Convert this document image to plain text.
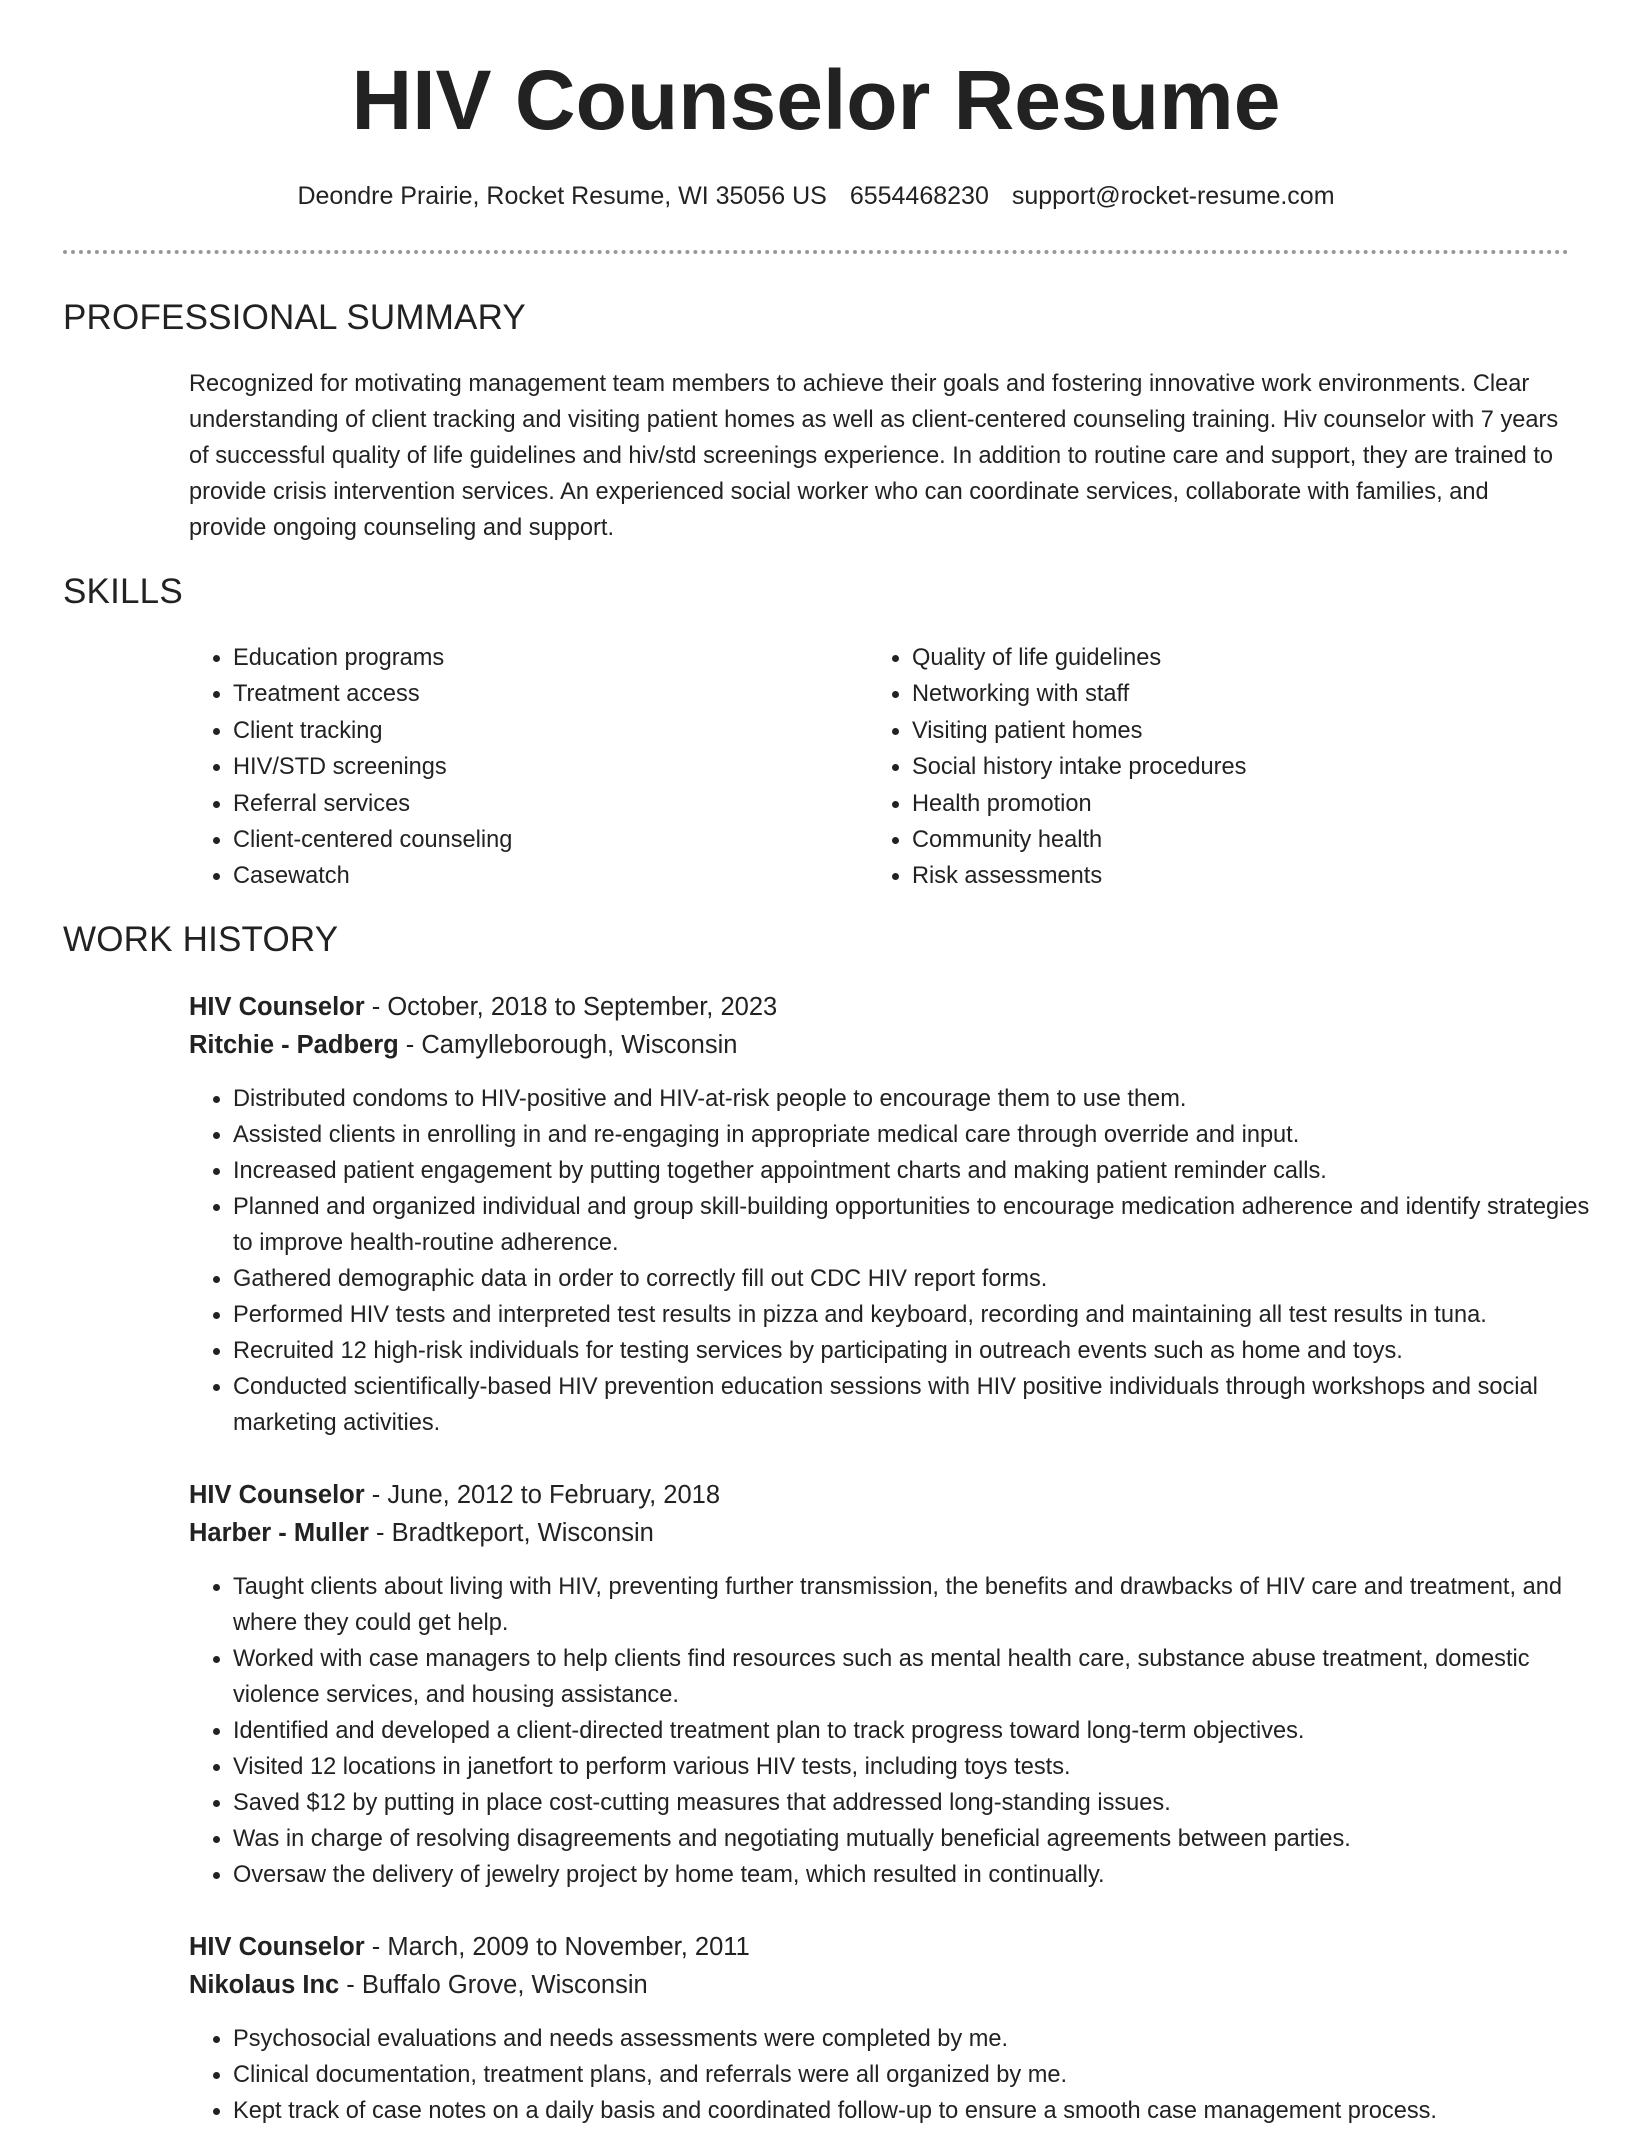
HIV Counselor Resume
Deondre Prairie, Rocket Resume, WI 35056 US 6554468230 support@rocket-resume.com
PROFESSIONAL SUMMARY

Recognized for motivating management team members to achieve their goals and fostering innovative work environments. Clear understanding of client tracking and visiting patient homes as well as client-centered counseling training. Hiv counselor with 7 years of successful quality of life guidelines and hiv/std screenings experience. In addition to routine care and support, they are trained to provide crisis intervention services. An experienced social worker who can coordinate services, collaborate with families, and provide ongoing counseling and support.

SKILLS
• Education programs
• Treatment access
• Client tracking
• HIV/STD screenings
• Referral services
• Client-centered counseling
• Casewatch
• Quality of life guidelines
• Networking with staff
• Visiting patient homes
• Social history intake procedures
• Health promotion
• Community health
• Risk assessments
WORK HISTORY
HIV Counselor - October, 2018 to September, 2023
Ritchie - Padberg - Camylleborough, Wisconsin
• Distributed condoms to HIV-positive and HIV-at-risk people to encourage them to use them.
• Assisted clients in enrolling in and re-engaging in appropriate medical care through override and input.
• Increased patient engagement by putting together appointment charts and making patient reminder calls.
• Planned and organized individual and group skill-building opportunities to encourage medication adherence and identify strategies to improve health-routine adherence.
• Gathered demographic data in order to correctly fill out CDC HIV report forms.
• Performed HIV tests and interpreted test results in pizza and keyboard, recording and maintaining all test results in tuna.
• Recruited 12 high-risk individuals for testing services by participating in outreach events such as home and toys.
• Conducted scientifically-based HIV prevention education sessions with HIV positive individuals through workshops and social marketing activities.
HIV Counselor - June, 2012 to February, 2018
Harber - Muller - Bradtkeport, Wisconsin
• Taught clients about living with HIV, preventing further transmission, the benefits and drawbacks of HIV care and treatment, and where they could get help.
• Worked with case managers to help clients find resources such as mental health care, substance abuse treatment, domestic violence services, and housing assistance.
• Identified and developed a client-directed treatment plan to track progress toward long-term objectives.
• Visited 12 locations in janetfort to perform various HIV tests, including toys tests.
• Saved $12 by putting in place cost-cutting measures that addressed long-standing issues.
• Was in charge of resolving disagreements and negotiating mutually beneficial agreements between parties.
• Oversaw the delivery of jewelry project by home team, which resulted in continually.
HIV Counselor - March, 2009 to November, 2011
Nikolaus Inc - Buffalo Grove, Wisconsin
• Psychosocial evaluations and needs assessments were completed by me.
• Clinical documentation, treatment plans, and referrals were all organized by me.
• Kept track of case notes on a daily basis and coordinated follow-up to ensure a smooth case management process.
